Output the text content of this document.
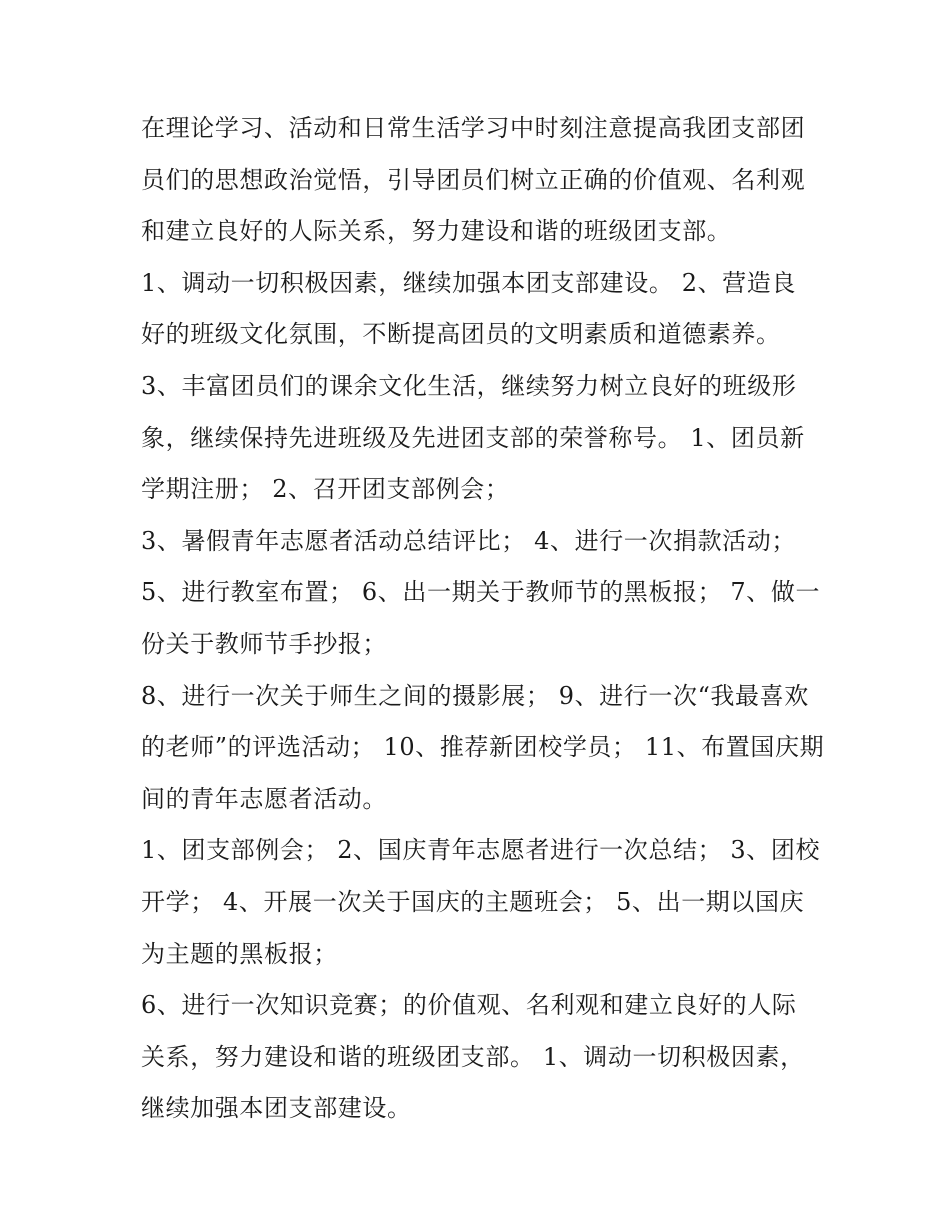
在理论学习、活动和日常生活学习中时刻注意提高我团支部团
员们的思想政治觉悟，引导团员们树立正确的价值观、名利观
和建立良好的人际关系，努力建设和谐的班级团支部。
1、调动一切积极因素，继续加强本团支部建设。 2、营造良
好的班级文化氛围，不断提高团员的文明素质和道德素养。
3、丰富团员们的课余文化生活，继续努力树立良好的班级形
象，继续保持先进班级及先进团支部的荣誉称号。 1、团员新
学期注册； 2、召开团支部例会；
3、暑假青年志愿者活动总结评比； 4、进行一次捐款活动；
5、进行教室布置； 6、出一期关于教师节的黑板报； 7、做一
份关于教师节手抄报；
8、进行一次关于师生之间的摄影展； 9、进行一次“我最喜欢
的老师”的评选活动； 10、推荐新团校学员； 11、布置国庆期
间的青年志愿者活动。
1、团支部例会； 2、国庆青年志愿者进行一次总结； 3、团校
开学； 4、开展一次关于国庆的主题班会； 5、出一期以国庆
为主题的黑板报；
6、进行一次知识竞赛；的价值观、名利观和建立良好的人际
关系，努力建设和谐的班级团支部。 1、调动一切积极因素，
继续加强本团支部建设。
